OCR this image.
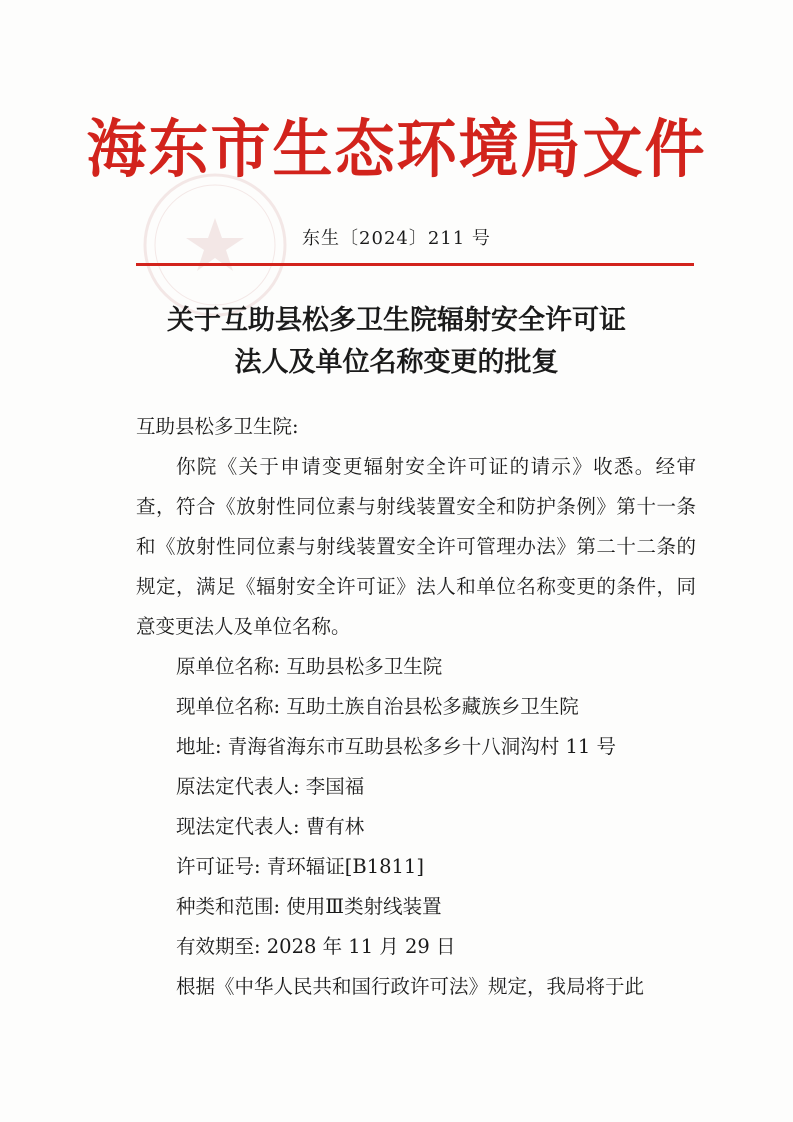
海东市生态环境局文件
东生〔2024〕211 号
关于互助县松多卫生院辐射安全许可证
法人及单位名称变更的批复

互助县松多卫生院:

你院《关于申请变更辐射安全许可证的请示》收悉。经审查，符合《放射性同位素与射线装置安全和防护条例》第十一条和《放射性同位素与射线装置安全许可管理办法》第二十二条的规定，满足《辐射安全许可证》法人和单位名称变更的条件，同意变更法人及单位名称。

原单位名称: 互助县松多卫生院

现单位名称: 互助土族自治县松多藏族乡卫生院

地址: 青海省海东市互助县松多乡十八洞沟村 11 号

原法定代表人: 李国福

现法定代表人: 曹有林

许可证号: 青环辐证[B1811]

种类和范围: 使用Ⅲ类射线装置

有效期至: 2028 年 11 月 29 日

根据《中华人民共和国行政许可法》规定，我局将于此
